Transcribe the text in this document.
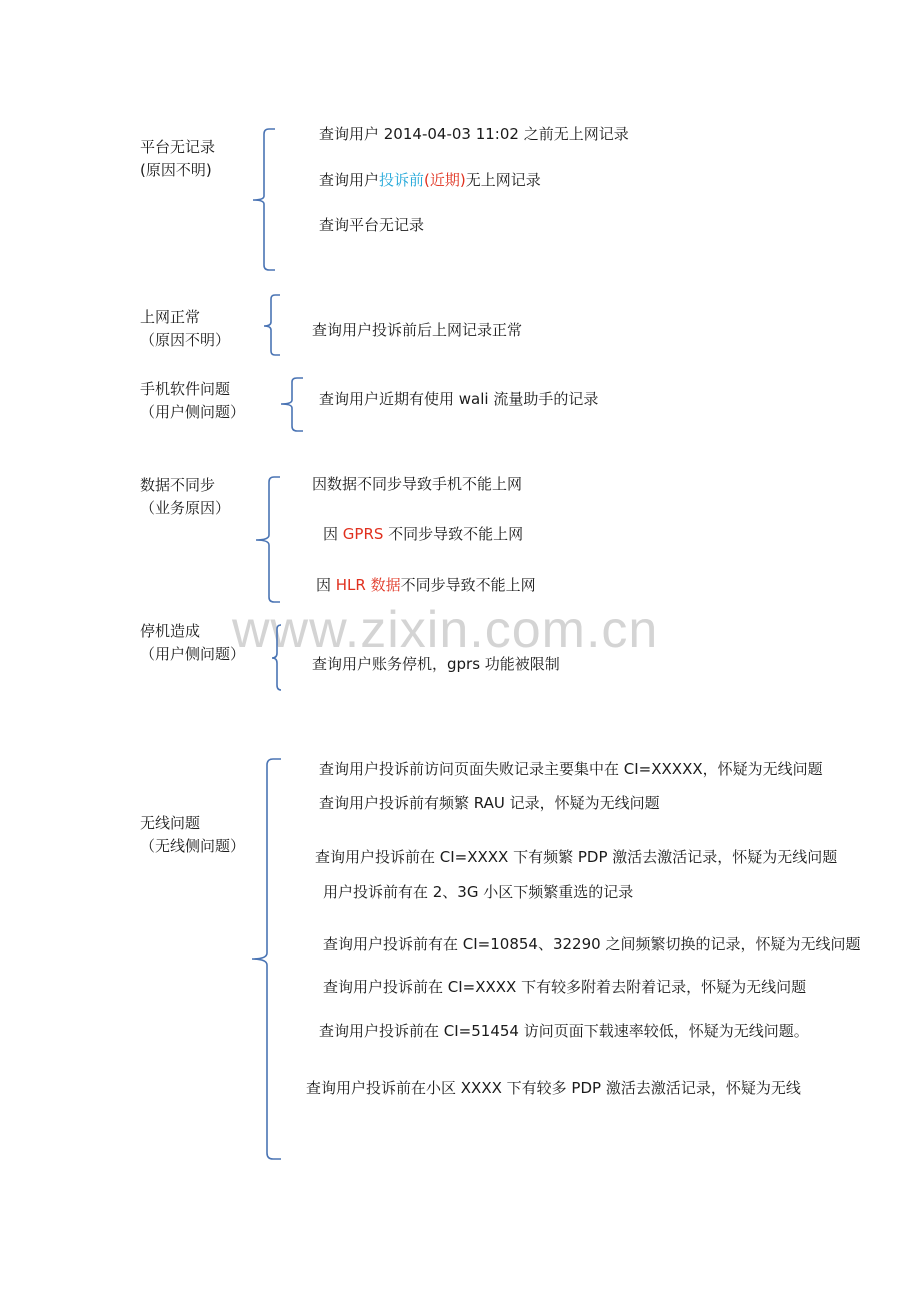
www.zixin.com.cn
平台无记录
(原因不明)
查询用户 2014-04-03 11:02 之前无上网记录
查询用户投诉前(近期)无上网记录
查询平台无记录
上网正常
（原因不明）
查询用户投诉前后上网记录正常
手机软件问题
（用户侧问题）
查询用户近期有使用 wali 流量助手的记录
数据不同步
（业务原因）
因数据不同步导致手机不能上网
因 GPRS 不同步导致不能上网
因 HLR 数据不同步导致不能上网
停机造成
（用户侧问题）
查询用户账务停机，gprs 功能被限制
无线问题
（无线侧问题）
查询用户投诉前访问页面失败记录主要集中在 CI=XXXXX，怀疑为无线问题
查询用户投诉前有频繁 RAU 记录，怀疑为无线问题
查询用户投诉前在 CI=XXXX 下有频繁 PDP 激活去激活记录，怀疑为无线问题
用户投诉前有在 2、3G 小区下频繁重选的记录
查询用户投诉前有在 CI=10854、32290 之间频繁切换的记录，怀疑为无线问题
查询用户投诉前在 CI=XXXX 下有较多附着去附着记录，怀疑为无线问题
查询用户投诉前在 CI=51454 访问页面下载速率较低，怀疑为无线问题。
查询用户投诉前在小区 XXXX 下有较多 PDP 激活去激活记录，怀疑为无线
